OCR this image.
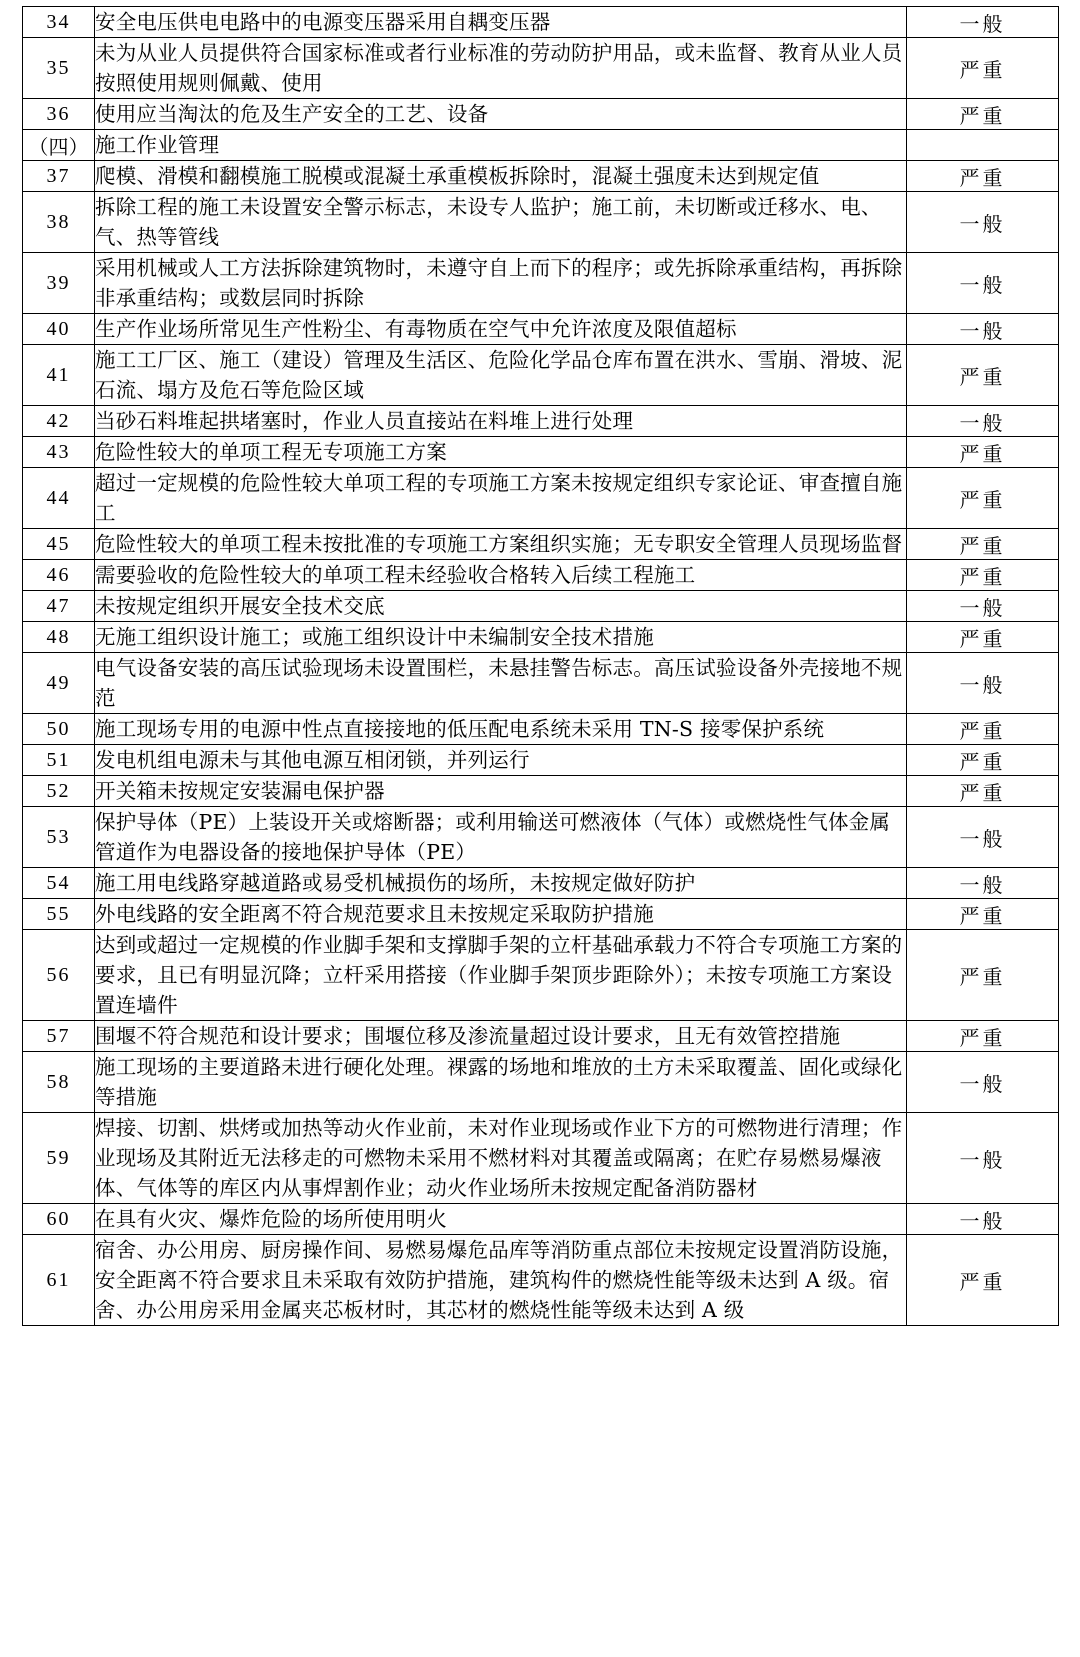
34	安全电压供电电路中的电源变压器采用自耦变压器	一般
35	未为从业人员提供符合国家标准或者行业标准的劳动防护用品，或未监督、教育从业人员按照使用规则佩戴、使用	严重
36	使用应当淘汰的危及生产安全的工艺、设备	严重
（四）	施工作业管理	
37	爬模、滑模和翻模施工脱模或混凝土承重模板拆除时，混凝土强度未达到规定值	严重
38	拆除工程的施工未设置安全警示标志，未设专人监护；施工前，未切断或迁移水、电、气、热等管线	一般
39	采用机械或人工方法拆除建筑物时，未遵守自上而下的程序；或先拆除承重结构，再拆除非承重结构；或数层同时拆除	一般
40	生产作业场所常见生产性粉尘、有毒物质在空气中允许浓度及限值超标	一般
41	施工工厂区、施工（建设）管理及生活区、危险化学品仓库布置在洪水、雪崩、滑坡、泥石流、塌方及危石等危险区域	严重
42	当砂石料堆起拱堵塞时，作业人员直接站在料堆上进行处理	一般
43	危险性较大的单项工程无专项施工方案	严重
44	超过一定规模的危险性较大单项工程的专项施工方案未按规定组织专家论证、审查擅自施工	严重
45	危险性较大的单项工程未按批准的专项施工方案组织实施；无专职安全管理人员现场监督	严重
46	需要验收的危险性较大的单项工程未经验收合格转入后续工程施工	严重
47	未按规定组织开展安全技术交底	一般
48	无施工组织设计施工；或施工组织设计中未编制安全技术措施	严重
49	电气设备安装的高压试验现场未设置围栏，未悬挂警告标志。高压试验设备外壳接地不规范	一般
50	施工现场专用的电源中性点直接接地的低压配电系统未采用 TN-S 接零保护系统	严重
51	发电机组电源未与其他电源互相闭锁，并列运行	严重
52	开关箱未按规定安装漏电保护器	严重
53	保护导体（PE）上装设开关或熔断器；或利用输送可燃液体（气体）或燃烧性气体金属管道作为电器设备的接地保护导体（PE）	一般
54	施工用电线路穿越道路或易受机械损伤的场所，未按规定做好防护	一般
55	外电线路的安全距离不符合规范要求且未按规定采取防护措施	严重
56	达到或超过一定规模的作业脚手架和支撑脚手架的立杆基础承载力不符合专项施工方案的要求，且已有明显沉降；立杆采用搭接（作业脚手架顶步距除外）；未按专项施工方案设置连墙件	严重
57	围堰不符合规范和设计要求；围堰位移及渗流量超过设计要求，且无有效管控措施	严重
58	施工现场的主要道路未进行硬化处理。裸露的场地和堆放的土方未采取覆盖、固化或绿化等措施	一般
59	焊接、切割、烘烤或加热等动火作业前，未对作业现场或作业下方的可燃物进行清理；作业现场及其附近无法移走的可燃物未采用不燃材料对其覆盖或隔离；在贮存易燃易爆液体、气体等的库区内从事焊割作业；动火作业场所未按规定配备消防器材	一般
60	在具有火灾、爆炸危险的场所使用明火	一般
61	宿舍、办公用房、厨房操作间、易燃易爆危品库等消防重点部位未按规定设置消防设施，安全距离不符合要求且未采取有效防护措施，建筑构件的燃烧性能等级未达到 A 级。宿舍、办公用房采用金属夹芯板材时，其芯材的燃烧性能等级未达到 A 级	严重
